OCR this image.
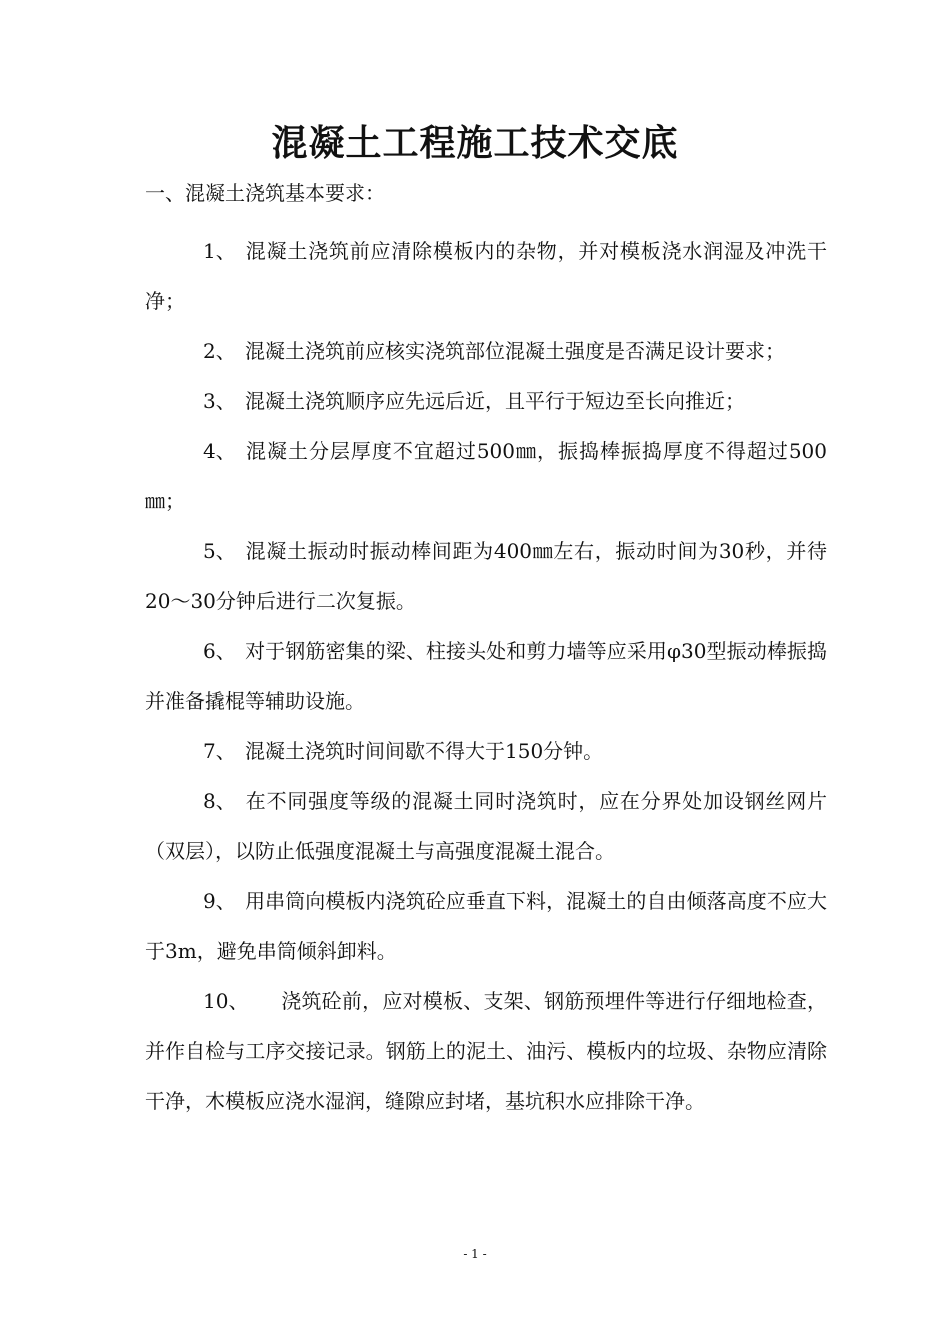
混凝土工程施工技术交底
一、混凝土浇筑基本要求：

1、 混凝土浇筑前应清除模板内的杂物，并对模板浇水润湿及冲洗干净；

2、 混凝土浇筑前应核实浇筑部位混凝土强度是否满足设计要求；

3、 混凝土浇筑顺序应先远后近，且平行于短边至长向推近；

4、 混凝土分层厚度不宜超过500㎜，振捣棒振捣厚度不得超过500㎜；

5、 混凝土振动时振动棒间距为400㎜左右，振动时间为30秒，并待20～30分钟后进行二次复振。

6、 对于钢筋密集的梁、柱接头处和剪力墙等应采用φ30型振动棒振捣并准备撬棍等辅助设施。

7、 混凝土浇筑时间间歇不得大于150分钟。

8、 在不同强度等级的混凝土同时浇筑时，应在分界处加设钢丝网片（双层），以防止低强度混凝土与高强度混凝土混合。

9、 用串筒向模板内浇筑砼应垂直下料，混凝土的自由倾落高度不应大于3m，避免串筒倾斜卸料。

10、 浇筑砼前，应对模板、支架、钢筋预埋件等进行仔细地检查，并作自检与工序交接记录。钢筋上的泥土、油污、模板内的垃圾、杂物应清除干净，木模板应浇水湿润，缝隙应封堵，基坑积水应排除干净。

- 1 -
